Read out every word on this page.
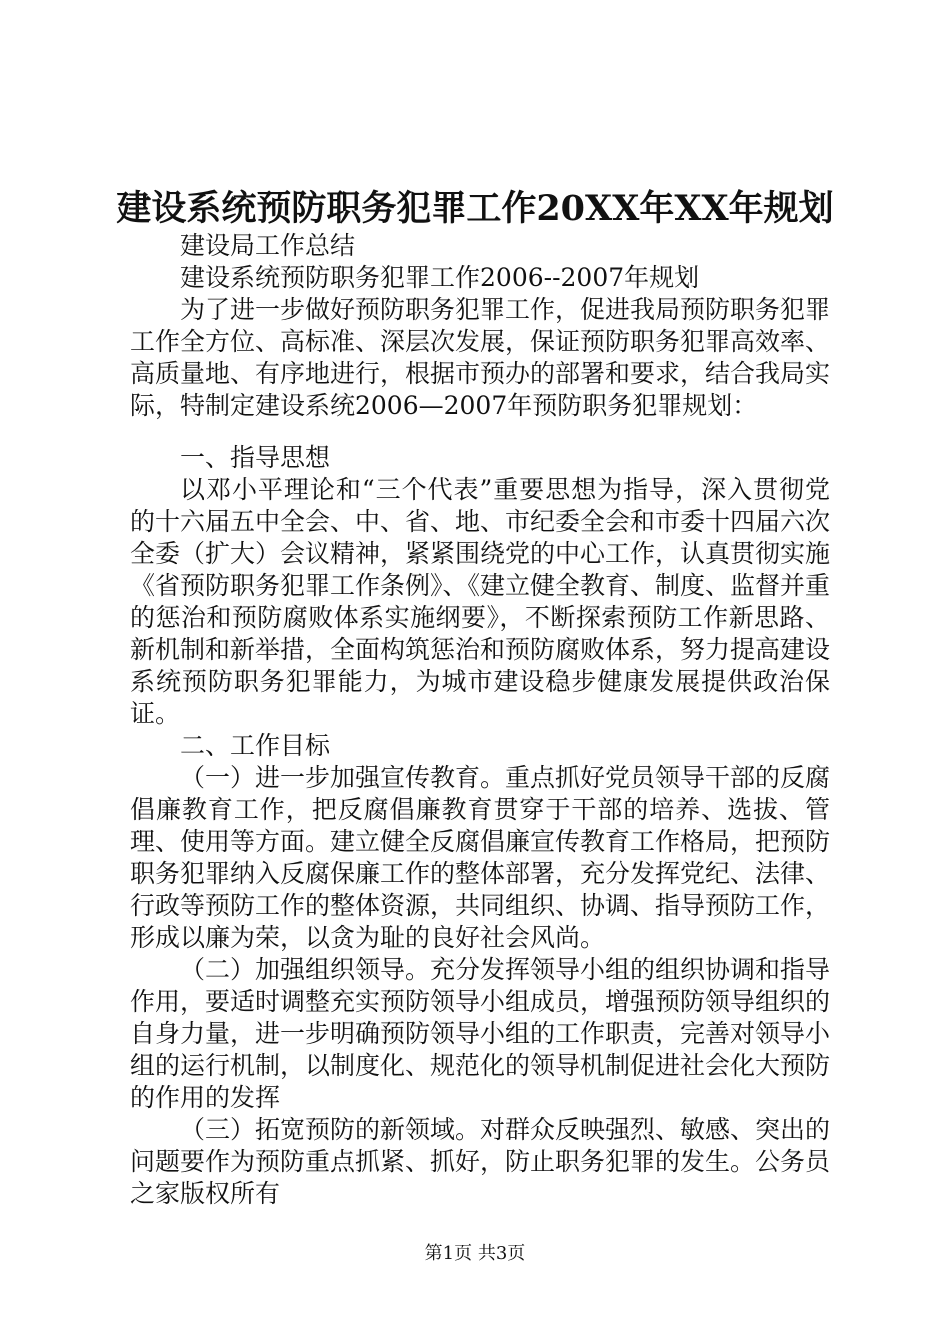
建设系统预防职务犯罪工作20XX年XX年规划

建设局工作总结

建设系统预防职务犯罪工作2006--2007年规划

为了进一步做好预防职务犯罪工作，促进我局预防职务犯罪工作全方位、高标准、深层次发展，保证预防职务犯罪高效率、高质量地、有序地进行，根据市预办的部署和要求，结合我局实际，特制定建设系统2006—2007年预防职务犯罪规划：

一、指导思想

以邓小平理论和“三个代表”重要思想为指导，深入贯彻党的十六届五中全会、中、省、地、市纪委全会和市委十四届六次全委（扩大）会议精神，紧紧围绕党的中心工作，认真贯彻实施《省预防职务犯罪工作条例》、《建立健全教育、制度、监督并重的惩治和预防腐败体系实施纲要》，不断探索预防工作新思路、新机制和新举措，全面构筑惩治和预防腐败体系，努力提高建设系统预防职务犯罪能力，为城市建设稳步健康发展提供政治保证。

二、工作目标

（一）进一步加强宣传教育。重点抓好党员领导干部的反腐倡廉教育工作，把反腐倡廉教育贯穿于干部的培养、选拔、管理、使用等方面。建立健全反腐倡廉宣传教育工作格局，把预防职务犯罪纳入反腐保廉工作的整体部署，充分发挥党纪、法律、行政等预防工作的整体资源，共同组织、协调、指导预防工作，形成以廉为荣，以贪为耻的良好社会风尚。

（二）加强组织领导。充分发挥领导小组的组织协调和指导作用，要适时调整充实预防领导小组成员，增强预防领导组织的自身力量，进一步明确预防领导小组的工作职责，完善对领导小组的运行机制，以制度化、规范化的领导机制促进社会化大预防的作用的发挥

（三）拓宽预防的新领域。对群众反映强烈、敏感、突出的问题要作为预防重点抓紧、抓好，防止职务犯罪的发生。公务员之家版权所有

第1页 共3页
